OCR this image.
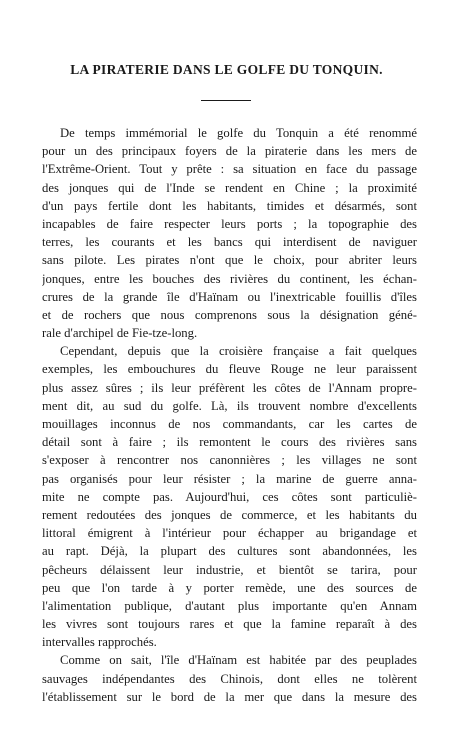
LA PIRATERIE DANS LE GOLFE DU TONQUIN.
De temps immémorial le golfe du Tonquin a été renommé
pour un des principaux foyers de la piraterie dans les mers de
l'Extrême-Orient. Tout y prête : sa situation en face du passage
des jonques qui de l'Inde se rendent en Chine ; la proximité
d'un pays fertile dont les habitants, timides et désarmés, sont
incapables de faire respecter leurs ports ; la topographie des
terres, les courants et les bancs qui interdisent de naviguer
sans pilote. Les pirates n'ont que le choix, pour abriter leurs
jonques, entre les bouches des rivières du continent, les échan-
crures de la grande île d'Haïnam ou l'inextricable fouillis d'îles
et de rochers que nous comprenons sous la désignation géné-
rale d'archipel de Fie-tze-long.
Cependant, depuis que la croisière française a fait quelques
exemples, les embouchures du fleuve Rouge ne leur paraissent
plus assez sûres ; ils leur préfèrent les côtes de l'Annam propre-
ment dit, au sud du golfe. Là, ils trouvent nombre d'excellents
mouillages inconnus de nos commandants, car les cartes de
détail sont à faire ; ils remontent le cours des rivières sans
s'exposer à rencontrer nos canonnières ; les villages ne sont
pas organisés pour leur résister ; la marine de guerre anna-
mite ne compte pas. Aujourd'hui, ces côtes sont particuliè-
rement redoutées des jonques de commerce, et les habitants du
littoral émigrent à l'intérieur pour échapper au brigandage et
au rapt. Déjà, la plupart des cultures sont abandonnées, les
pêcheurs délaissent leur industrie, et bientôt se tarira, pour
peu que l'on tarde à y porter remède, une des sources de
l'alimentation publique, d'autant plus importante qu'en Annam
les vivres sont toujours rares et que la famine reparaît à des
intervalles rapprochés.
Comme on sait, l'île d'Haïnam est habitée par des peuplades
sauvages indépendantes des Chinois, dont elles ne tolèrent
l'établissement sur le bord de la mer que dans la mesure des
